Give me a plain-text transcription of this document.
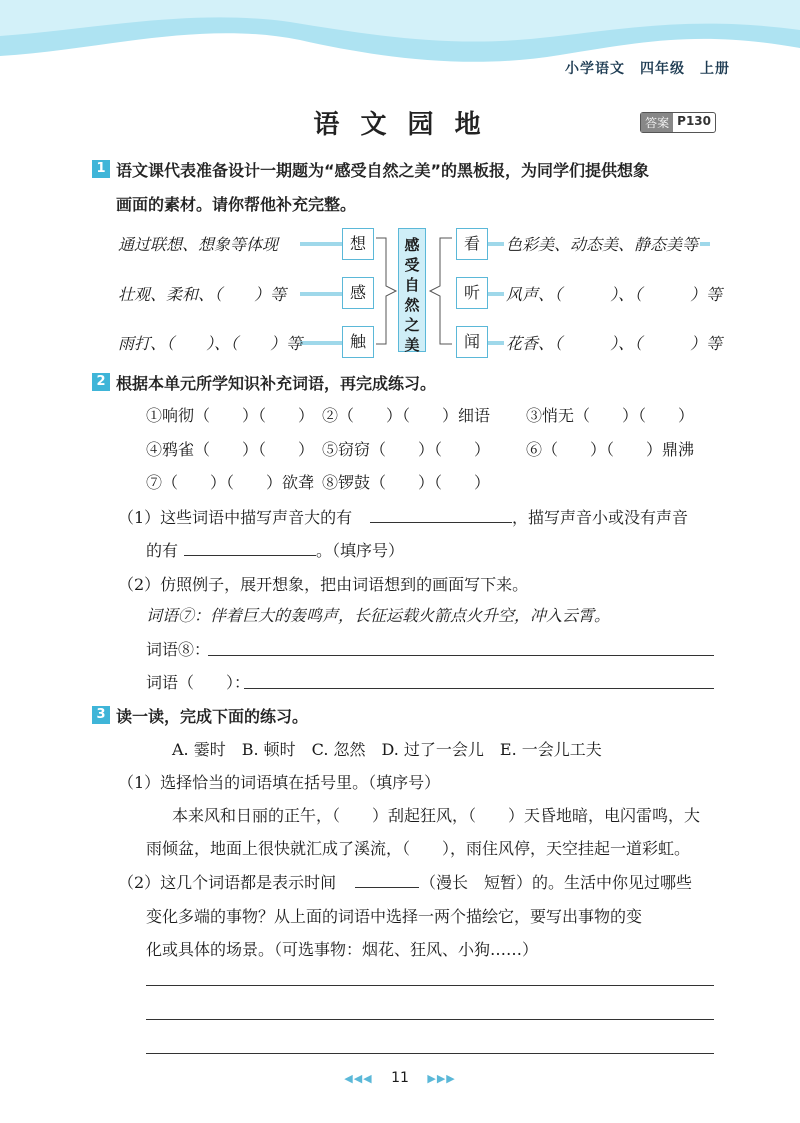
小学语文　四年级　上册
语 文 园 地	答案 P130
1 语文课代表准备设计一期题为“感受自然之美”的黑板报，为同学们提供想象
画面的素材。请你帮他补充完整。
通过联想、想象等体现
壮观、柔和、（　　）等
雨打、（　　）、（　　）等
想
感
触
感受自然之美
看
听
闻
色彩美、动态美、静态美等
风声、（　　　）、（　　　）等
花香、（　　　）、（　　　）等
2 根据本单元所学知识补充词语，再完成练习。
①响彻（　　）（　　） ②（　　）（　　）细语 ③悄无（　　）（　　）
④鸦雀（　　）（　　） ⑤窃窃（　　）（　　） ⑥（　　）（　　）鼎沸
⑦（　　）（　　）欲聋 ⑧锣鼓（　　）（　　）
（1）这些词语中描写声音大的有	，描写声音小或没有声音
的有	。（填序号）
（2）仿照例子，展开想象，把由词语想到的画面写下来。
词语⑦：伴着巨大的轰鸣声，长征运载火箭点火升空，冲入云霄。
词语⑧：
词语（　　）：
3 读一读，完成下面的练习。
A. 霎时　B. 顿时　C. 忽然　D. 过了一会儿　E. 一会儿工夫
（1）选择恰当的词语填在括号里。（填序号）
本来风和日丽的正午，（　　）刮起狂风，（　　）天昏地暗，电闪雷鸣，大
雨倾盆，地面上很快就汇成了溪流，（　　），雨住风停，天空挂起一道彩虹。
（2）这几个词语都是表示时间	（漫长　短暂）的。生活中你见过哪些
变化多端的事物？从上面的词语中选择一两个描绘它，要写出事物的变
化或具体的场景。（可选事物：烟花、狂风、小狗……）
◀◀◀ 11 ▶▶▶
